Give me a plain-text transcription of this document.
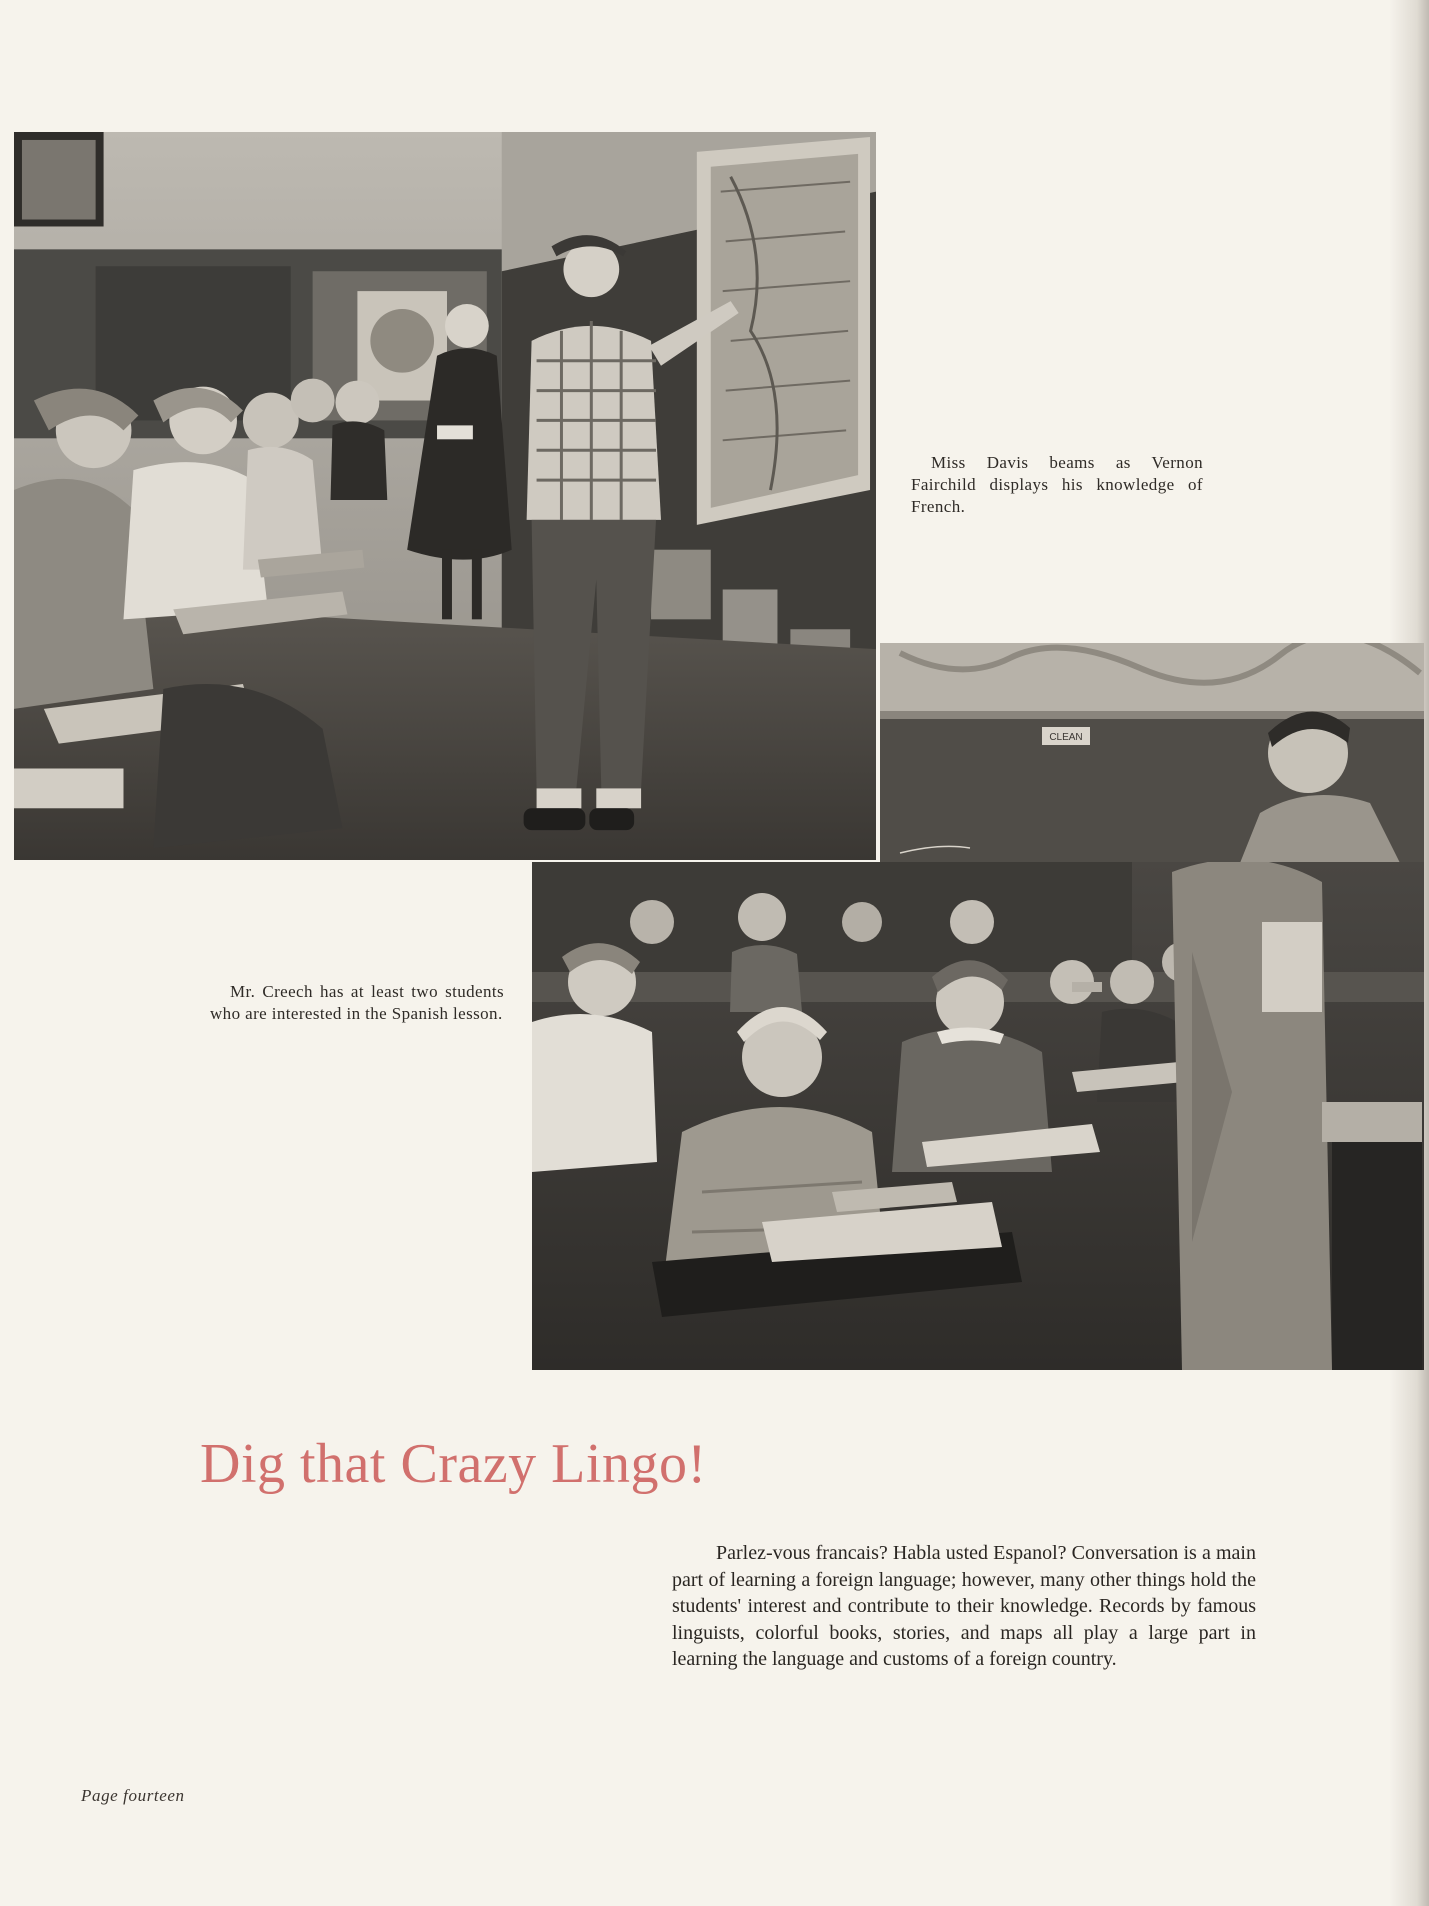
CLEAN
Miss Davis beams as Vernon Fairchild displays his knowledge of French.
Mr. Creech has at least two students who are interested in the Spanish lesson.
Dig that Crazy Lingo!
Parlez-vous francais? Habla usted Espanol? Conversation is a main part of learning a foreign language; however, many other things hold the students' interest and contribute to their knowledge. Records by famous linguists, colorful books, stories, and maps all play a large part in learning the language and customs of a foreign country.
Page fourteen
